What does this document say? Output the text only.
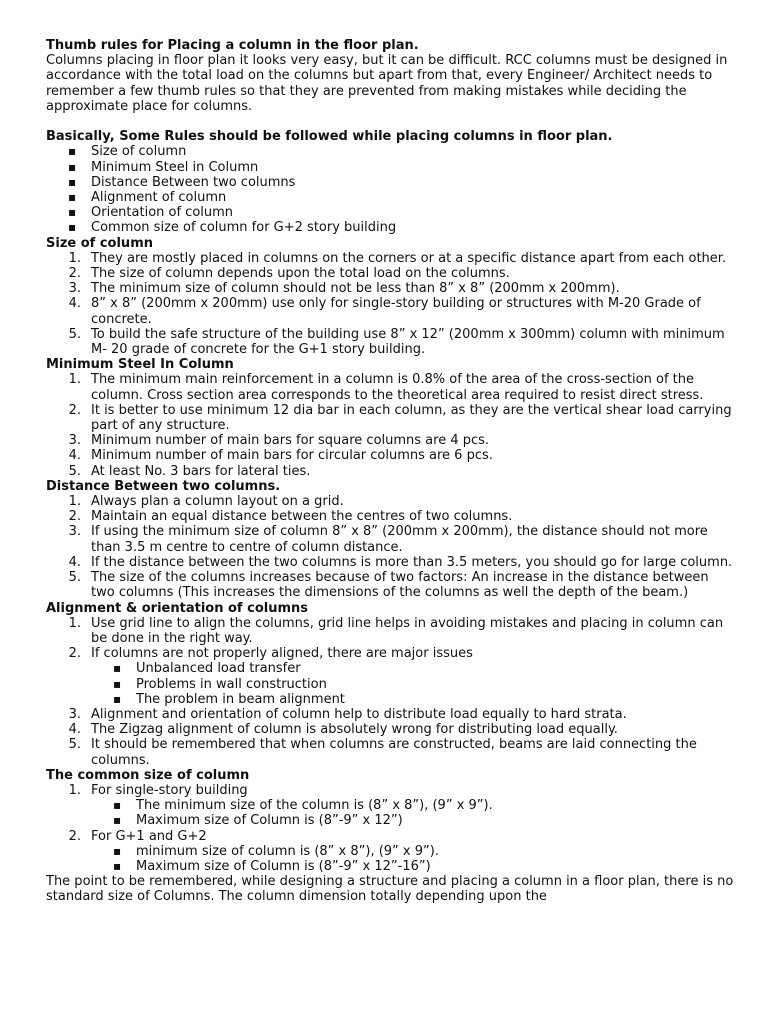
Thumb rules for Placing a column in the floor plan.

Columns placing in floor plan it looks very easy, but it can be difficult. RCC columns must be designed in accordance with the total load on the columns but apart from that, every Engineer/ Architect needs to remember a few thumb rules so that they are prevented from making mistakes while deciding the approximate place for columns.

Basically, Some Rules should be followed while placing columns in floor plan.

▪ Size of column
▪ Minimum Steel in Column
▪ Distance Between two columns
▪ Alignment of column
▪ Orientation of column
▪ Common size of column for G+2 story building

Size of column

1. They are mostly placed in columns on the corners or at a specific distance apart from each other.
2. The size of column depends upon the total load on the columns.
3. The minimum size of column should not be less than 8” x 8” (200mm x 200mm).
4. 8” x 8” (200mm x 200mm) use only for single-story building or structures with M-20 Grade of concrete.
5. To build the safe structure of the building use 8” x 12” (200mm x 300mm) column with minimum M- 20 grade of concrete for the G+1 story building.

Minimum Steel In Column

1. The minimum main reinforcement in a column is 0.8% of the area of the cross-section of the column. Cross section area corresponds to the theoretical area required to resist direct stress.
2. It is better to use minimum 12 dia bar in each column, as they are the vertical shear load carrying part of any structure.
3. Minimum number of main bars for square columns are 4 pcs.
4. Minimum number of main bars for circular columns are 6 pcs.
5. At least No. 3 bars for lateral ties.

Distance Between two columns.

1. Always plan a column layout on a grid.
2. Maintain an equal distance between the centres of two columns.
3. If using the minimum size of column 8” x 8” (200mm x 200mm), the distance should not more than 3.5 m centre to centre of column distance.
4. If the distance between the two columns is more than 3.5 meters, you should go for large column.
5. The size of the columns increases because of two factors: An increase in the distance between two columns (This increases the dimensions of the columns as well the depth of the beam.)

Alignment & orientation of columns

1. Use grid line to align the columns, grid line helps in avoiding mistakes and placing in column can be done in the right way.
2. If columns are not properly aligned, there are major issues
▪ Unbalanced load transfer
▪ Problems in wall construction
▪ The problem in beam alignment
3. Alignment and orientation of column help to distribute load equally to hard strata.
4. The Zigzag alignment of column is absolutely wrong for distributing load equally.
5. It should be remembered that when columns are constructed, beams are laid connecting the columns.

The common size of column

1. For single-story building
▪ The minimum size of the column is (8” x 8”), (9” x 9”).
▪ Maximum size of Column is (8”-9” x 12”)
2. For G+1 and G+2
▪ minimum size of column is (8” x 8”), (9” x 9”).
▪ Maximum size of Column is (8”-9” x 12”-16”)

The point to be remembered, while designing a structure and placing a column in a floor plan, there is no standard size of Columns. The column dimension totally depending upon the
